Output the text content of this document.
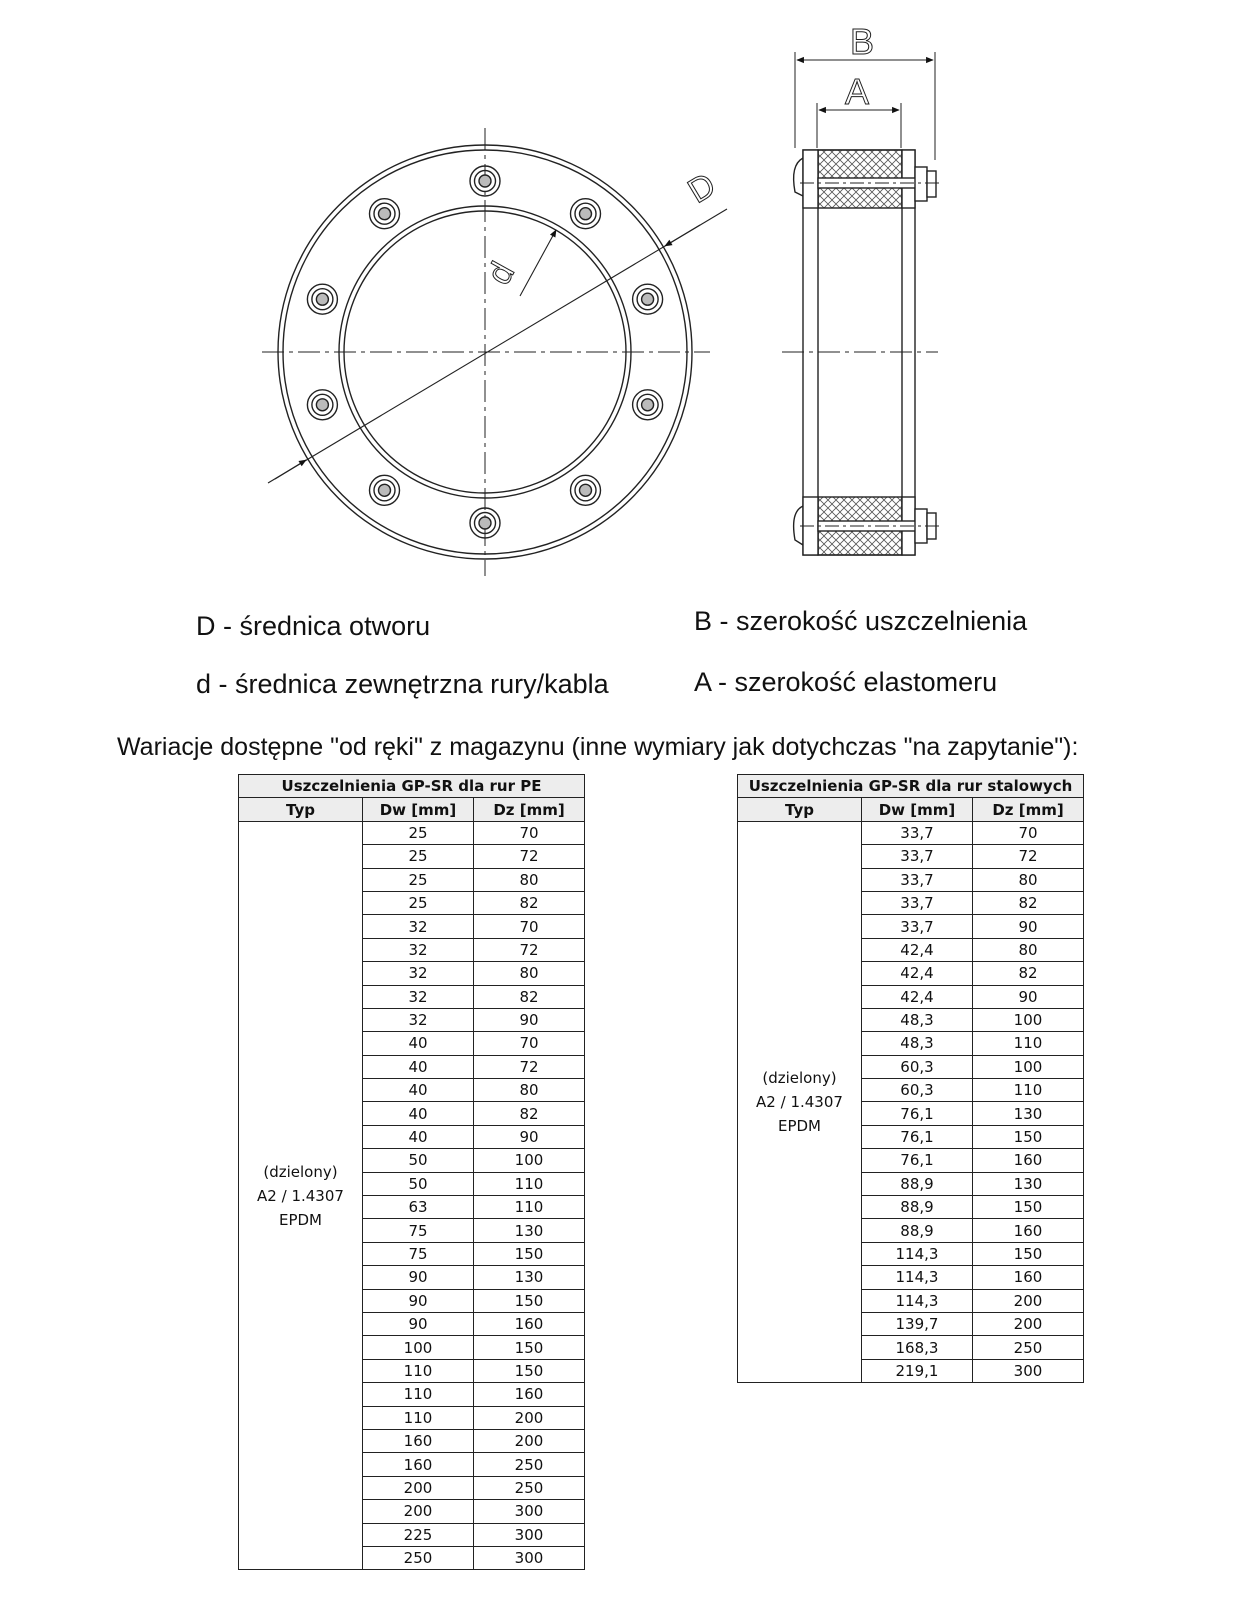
D
d
B
A
D - średnica otworu	B - szerokość uszczelnienia
d - średnica zewnętrzna rury/kabla	A - szerokość elastomeru
Wariacje dostępne "od ręki" z magazynu (inne wymiary jak dotychczas "na zapytanie"):
Uszczelnienia GP-SR dla rur PE		
Typ	Dw [mm]	Dz [mm]

(dzielony)
A2 / 1.4307
EPDM	25	70
	25	72
	25	80
	25	82
	32	70
	32	72
	32	80
	32	82
	32	90
	40	70
	40	72
	40	80
	40	82
	40	90
	50	100
	50	110
	63	110
	75	130
	75	150
	90	130
	90	150
	90	160
	100	150
	110	150
	110	160
	110	200
	160	200
	160	250
	200	250
	200	300
	225	300
	250	300
Uszczelnienia GP-SR dla rur stalowych		
Typ	Dw [mm]	Dz [mm]

(dzielony)
A2 / 1.4307
EPDM	33,7	70
	33,7	72
	33,7	80
	33,7	82
	33,7	90
	42,4	80
	42,4	82
	42,4	90
	48,3	100
	48,3	110
	60,3	100
	60,3	110
	76,1	130
	76,1	150
	76,1	160
	88,9	130
	88,9	150
	88,9	160
	114,3	150
	114,3	160
	114,3	200
	139,7	200
	168,3	250
	219,1	300
